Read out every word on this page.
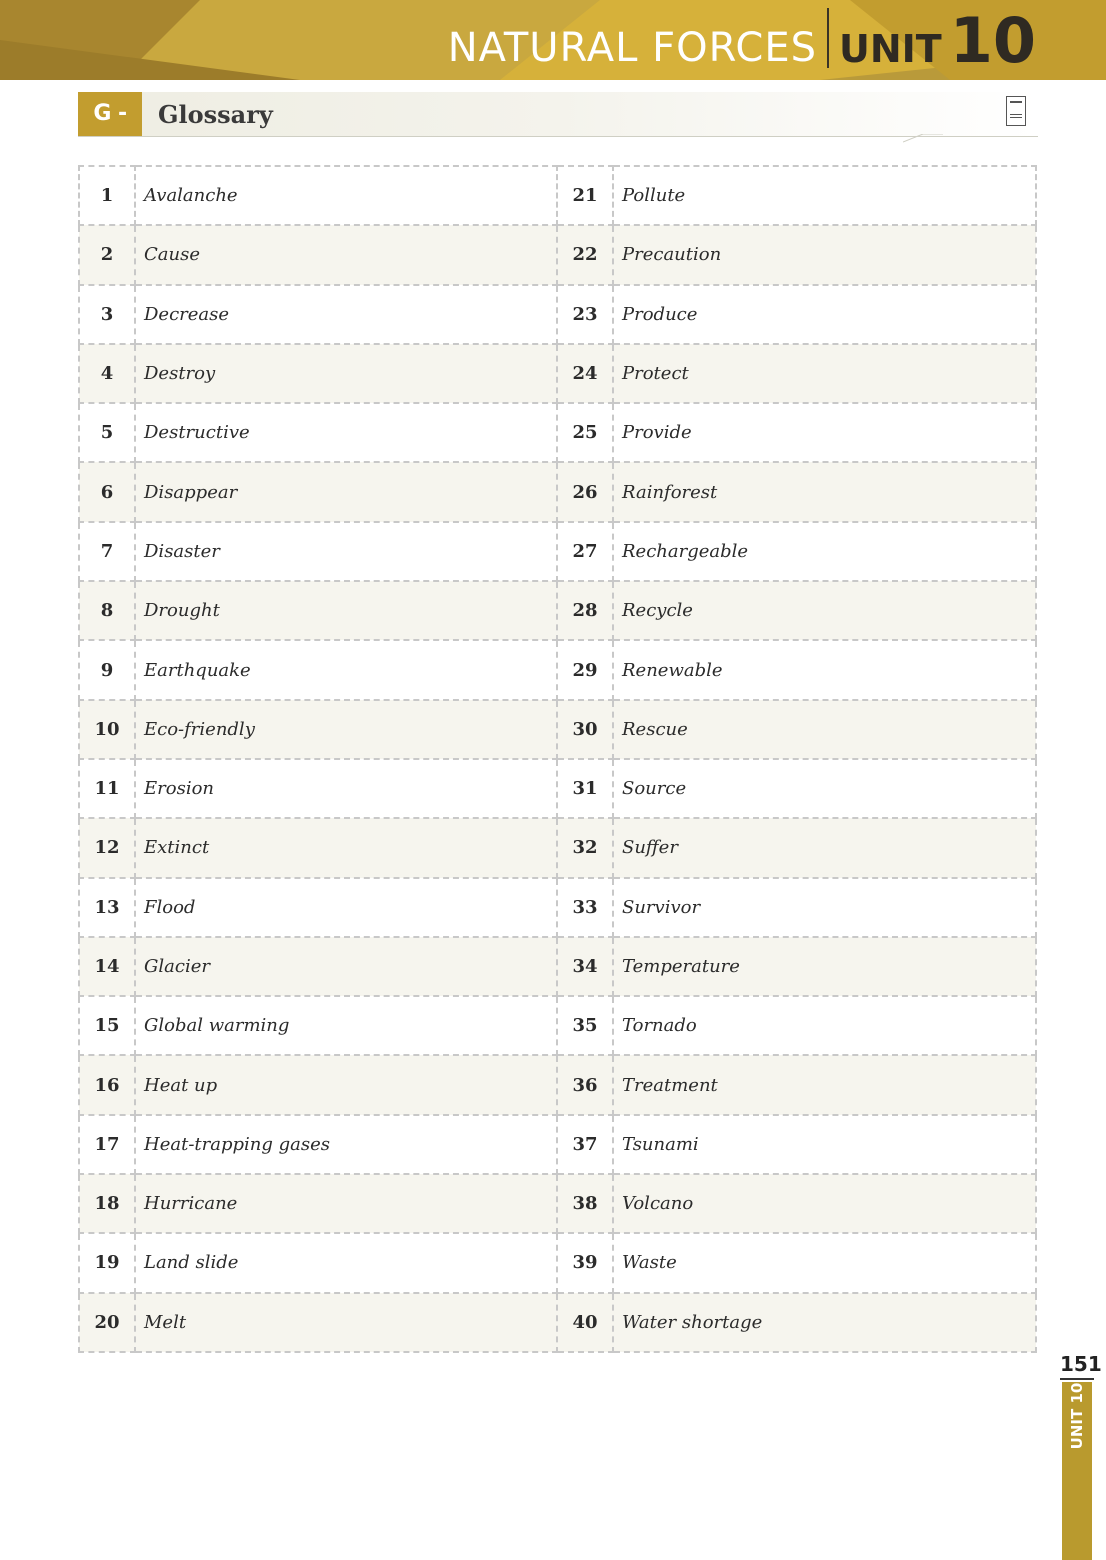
NATURAL FORCES UNIT 10
G - 10
Glossary
1	Avalanche	21	Pollute
2	Cause	22	Precaution
3	Decrease	23	Produce
4	Destroy	24	Protect
5	Destructive	25	Provide
6	Disappear	26	Rainforest
7	Disaster	27	Rechargeable
8	Drought	28	Recycle
9	Earthquake	29	Renewable
10	Eco-friendly	30	Rescue
11	Erosion	31	Source
12	Extinct	32	Suffer
13	Flood	33	Survivor
14	Glacier	34	Temperature
15	Global warming	35	Tornado
16	Heat up	36	Treatment
17	Heat-trapping gases	37	Tsunami
18	Hurricane	38	Volcano
19	Land slide	39	Waste
20	Melt	40	Water shortage
151
UNIT 10
